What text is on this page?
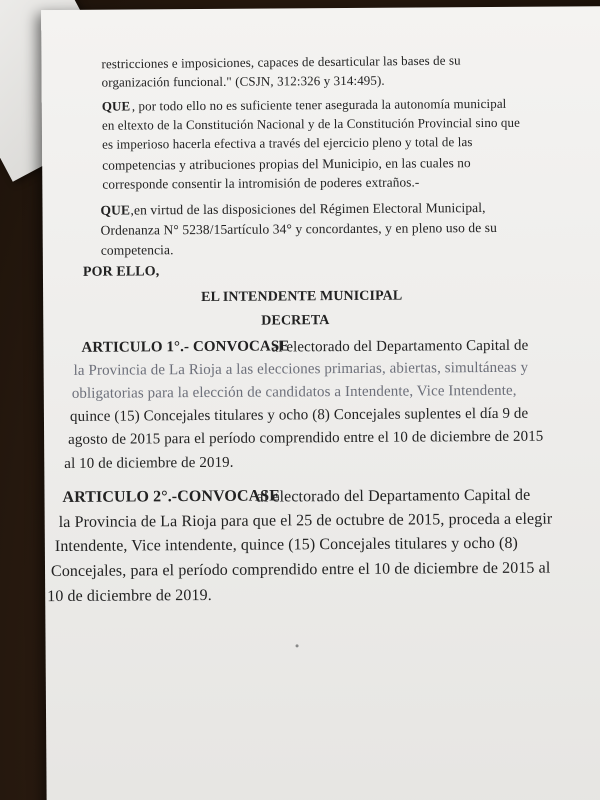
restricciones e imposiciones, capaces de desarticular las bases de su
organización funcional." (CSJN, 312:326 y 314:495).
QUE , por todo ello no es suficiente tener asegurada la autonomía municipal
en eltexto de la Constitución Nacional y de la Constitución Provincial sino que
es imperioso hacerla efectiva a través del ejercicio pleno y total de las
competencias y atribuciones propias del Municipio, en las cuales no
corresponde consentir la intromisión de poderes extraños.-
QUE ,en virtud de las disposiciones del Régimen Electoral Municipal,
Ordenanza N° 5238/15artículo 34° y concordantes, y en pleno uso de su
competencia.
POR ELLO,
EL INTENDENTE MUNICIPAL
DECRETA
ARTICULO 1°.- CONVOCASE
al electorado del Departamento Capital de
la Provincia de La Rioja a las elecciones primarias, abiertas, simultáneas y
obligatorias para la elección de candidatos a Intendente, Vice Intendente,
quince (15) Concejales titulares y ocho (8) Concejales suplentes el día 9 de
agosto de 2015 para el período comprendido entre el 10 de diciembre de 2015
al 10 de diciembre de 2019.
ARTICULO 2°.-CONVOCASE
al electorado del Departamento Capital de
la Provincia de La Rioja para que el 25 de octubre de 2015, proceda a elegir
Intendente, Vice intendente, quince (15) Concejales titulares y ocho (8)
Concejales, para el período comprendido entre el 10 de diciembre de 2015 al
10 de diciembre de 2019.
